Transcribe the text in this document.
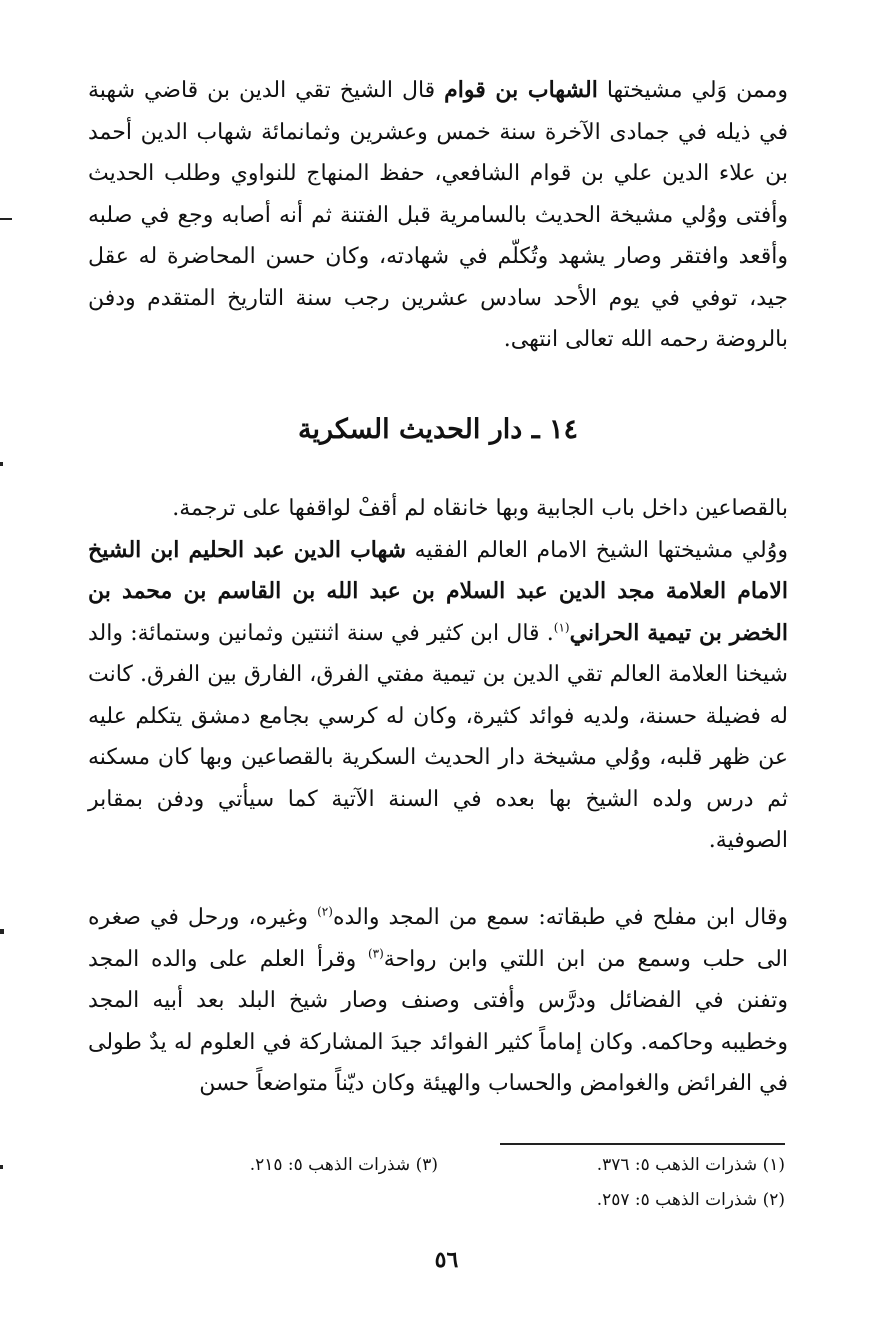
وممن وَلي مشيختها الشهاب بن قوام قال الشيخ تقي الدين بن قاضي شهبة في ذيله في جمادى الآخرة سنة خمس وعشرين وثمانمائة شهاب الدين أحمد بن علاء الدين علي بن قوام الشافعي، حفظ المنهاج للنواوي وطلب الحديث وأفتى ووُلي مشيخة الحديث بالسامرية قبل الفتنة ثم أنه أصابه وجع في صلبه وأقعد وافتقر وصار يشهد وتُكلّم في شهادته، وكان حسن المحاضرة له عقل جيد، توفي في يوم الأحد سادس عشرين رجب سنة التاريخ المتقدم ودفن بالروضة رحمه الله تعالى انتهى.

١٤ ـ دار الحديث السكرية

بالقصاعين داخل باب الجابية وبها خانقاه لم أقفْ لواقفها على ترجمة.

ووُلي مشيختها الشيخ الامام العالم الفقيه شهاب الدين عبد الحليم ابن الشيخ الامام العلامة مجد الدين عبد السلام بن عبد الله بن القاسم بن محمد بن الخضر بن تيمية الحراني$^{(١)}$. قال ابن كثير في سنة اثنتين وثمانين وستمائة: والد شيخنا العلامة العالم تقي الدين بن تيمية مفتي الفرق، الفارق بين الفرق. كانت له فضيلة حسنة، ولديه فوائد كثيرة، وكان له كرسي بجامع دمشق يتكلم عليه عن ظهر قلبه، ووُلي مشيخة دار الحديث السكرية بالقصاعين وبها كان مسكنه ثم درس ولده الشيخ بها بعده في السنة الآتية كما سيأتي ودفن بمقابر الصوفية.

وقال ابن مفلح في طبقاته: سمع من المجد والده$^{(٢)}$ وغيره، ورحل في صغره الى حلب وسمع من ابن اللتي وابن رواحة$^{(٣)}$ وقرأ العلم على والده المجد وتفنن في الفضائل ودرَّس وأفتى وصنف وصار شيخ البلد بعد أبيه المجد وخطيبه وحاكمه. وكان إماماً كثير الفوائد جيدَ المشاركة في العلوم له يدٌ طولى في الفرائض والغوامض والحساب والهيئة وكان ديّناً متواضعاً حسن

(١) شذرات الذهب ٥: ٣٧٦.
(٢) شذرات الذهب ٥: ٢٥٧.
(٣) شذرات الذهب ٥: ٢١٥.
٥٦
